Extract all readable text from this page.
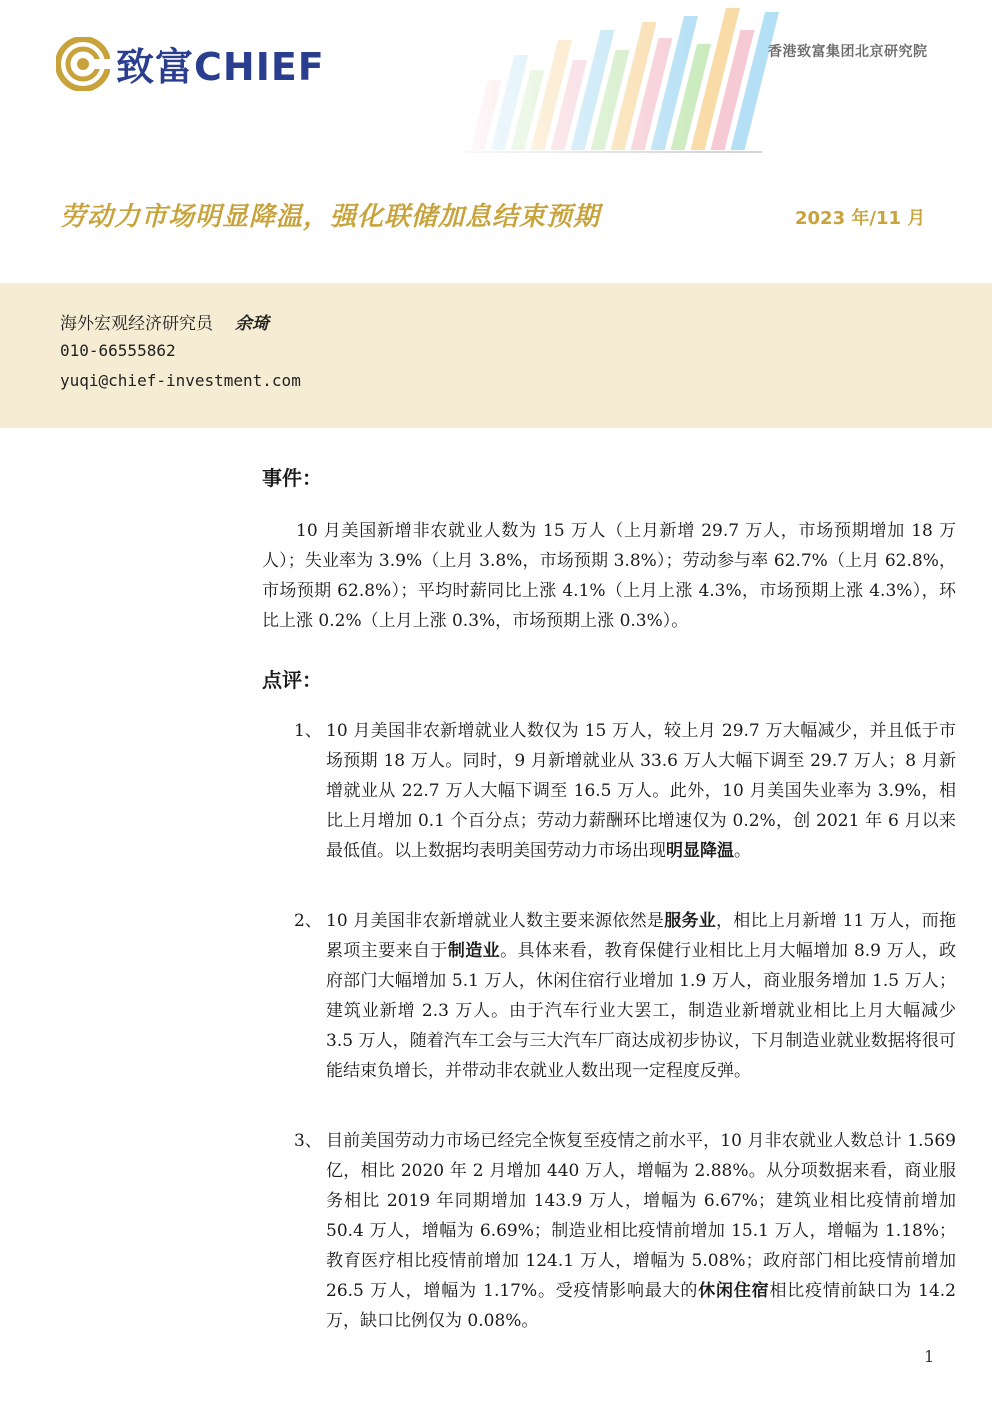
致富CHIEF	香港致富集团北京研究院
劳动力市场明显降温，强化联储加息结束预期	2023 年/11 月
海外宏观经济研究员 余琦
010-66555862
yuqi@chief-investment.com
事件：
10 月美国新增非农就业人数为 15 万人（上月新增 29.7 万人，市场预期增加 18 万人）；失业率为 3.9%（上月 3.8%，市场预期 3.8%）；劳动参与率 62.7%（上月 62.8%，市场预期 62.8%）；平均时薪同比上涨 4.1%（上月上涨 4.3%，市场预期上涨 4.3%），环比上涨 0.2%（上月上涨 0.3%，市场预期上涨 0.3%）。
点评：
1、 10 月美国非农新增就业人数仅为 15 万人，较上月 29.7 万大幅减少，并且低于市场预期 18 万人。同时，9 月新增就业从 33.6 万人大幅下调至 29.7 万人；8 月新增就业从 22.7 万人大幅下调至 16.5 万人。此外，10 月美国失业率为 3.9%，相比上月增加 0.1 个百分点；劳动力薪酬环比增速仅为 0.2%，创 2021 年 6 月以来最低值。以上数据均表明美国劳动力市场出现明显降温。
2、 10 月美国非农新增就业人数主要来源依然是服务业，相比上月新增 11 万人，而拖累项主要来自于制造业。具体来看，教育保健行业相比上月大幅增加 8.9 万人，政府部门大幅增加 5.1 万人，休闲住宿行业增加 1.9 万人，商业服务增加 1.5 万人；建筑业新增 2.3 万人。由于汽车行业大罢工，制造业新增就业相比上月大幅减少 3.5 万人，随着汽车工会与三大汽车厂商达成初步协议，下月制造业就业数据将很可能结束负增长，并带动非农就业人数出现一定程度反弹。
3、 目前美国劳动力市场已经完全恢复至疫情之前水平，10 月非农就业人数总计 1.569 亿，相比 2020 年 2 月增加 440 万人，增幅为 2.88%。从分项数据来看，商业服务相比 2019 年同期增加 143.9 万人，增幅为 6.67%；建筑业相比疫情前增加 50.4 万人，增幅为 6.69%；制造业相比疫情前增加 15.1 万人，增幅为 1.18%；教育医疗相比疫情前增加 124.1 万人，增幅为 5.08%；政府部门相比疫情前增加 26.5 万人，增幅为 1.17%。受疫情影响最大的休闲住宿相比疫情前缺口为 14.2 万，缺口比例仅为 0.08%。
1
